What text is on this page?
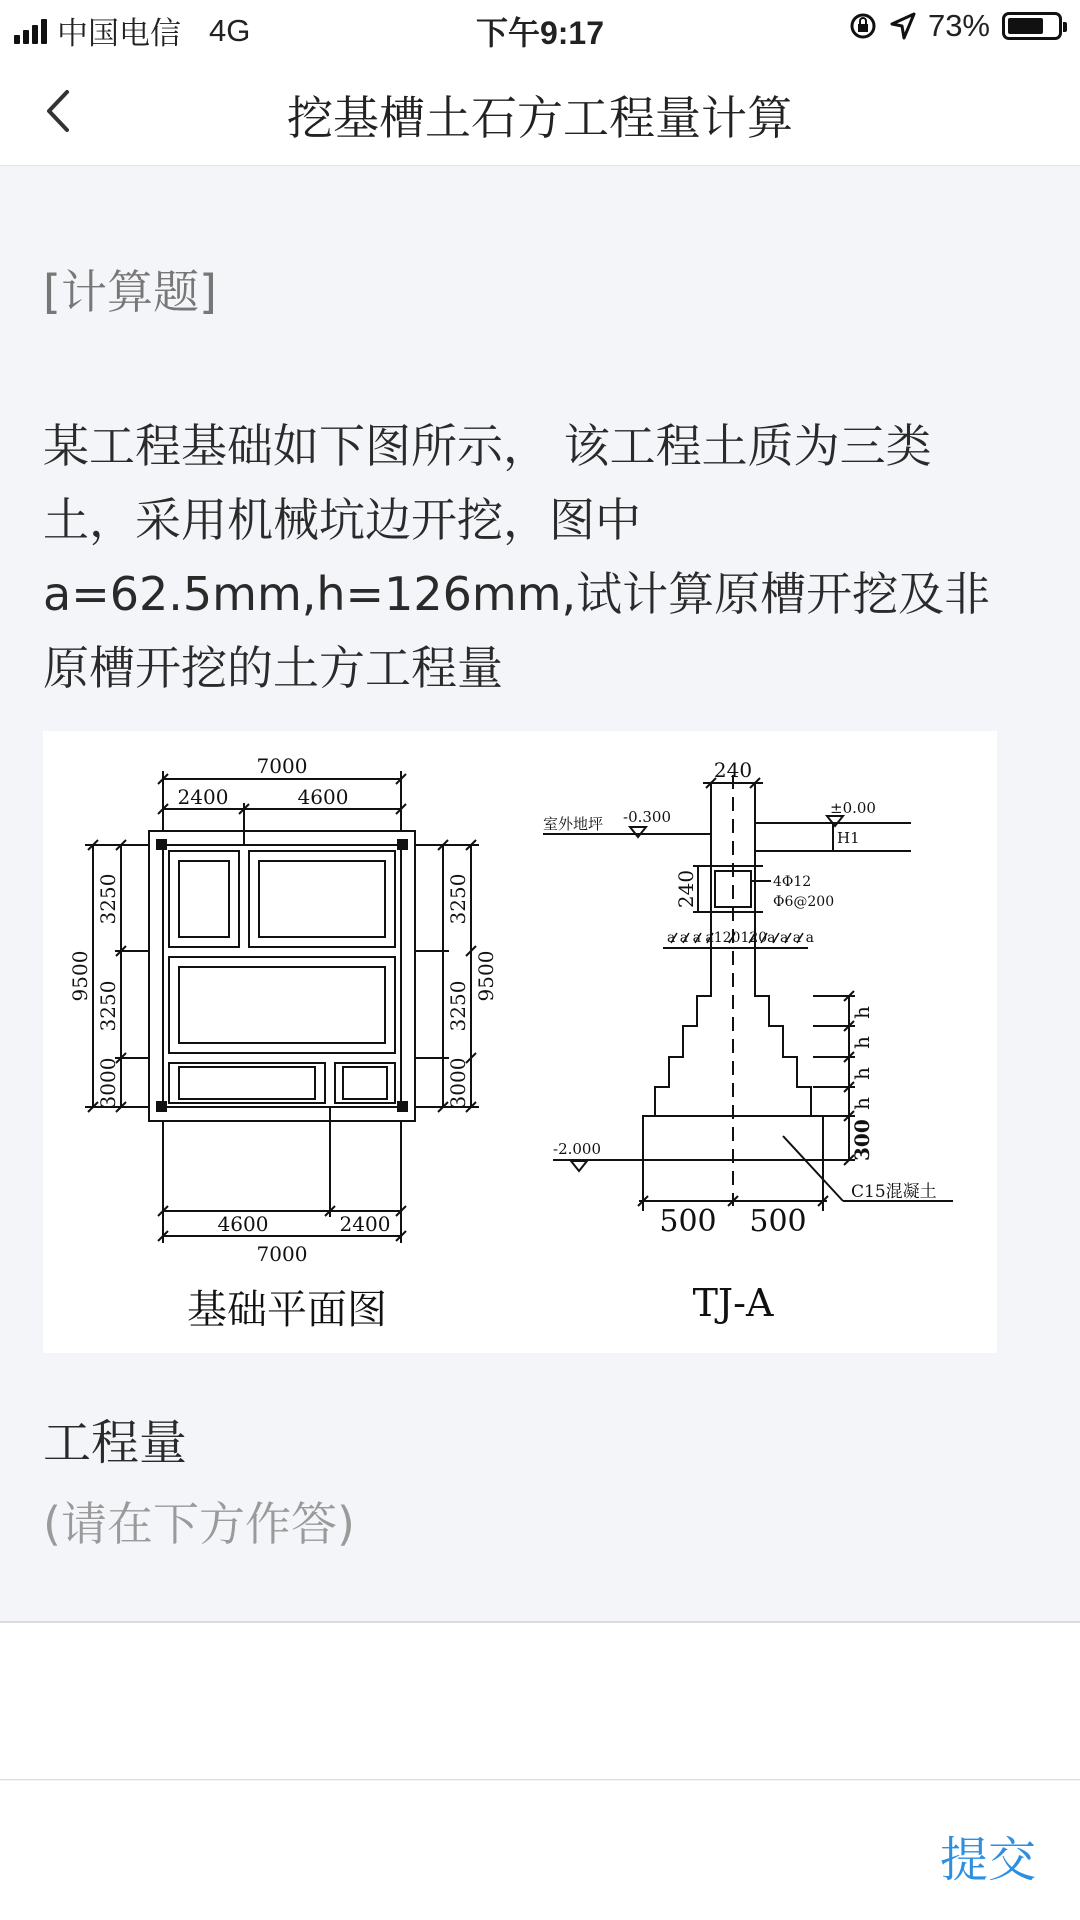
中国电信 4G	下午9:17	73%
挖基槽土石方工程量计算
[计算题]
某工程基础如下图所示， 该工程土质为三类土，采用机械坑边开挖，图中a=62.5mm,h=126mm,试计算原槽开挖及非原槽开挖的土方工程量
7000
2400	4600
4600	2400
7000
3250
3250
3000
9500
3250
3250
3000
9500
基础平面图
240
室外地坪 -0.300	±0.00
H1
240	4Φ12
Φ6@200
a a a a120120a a a a
h
h
h
h
300
-2.000
500 500
C15混凝土
TJ-A
工程量
(请在下方作答)
提交
